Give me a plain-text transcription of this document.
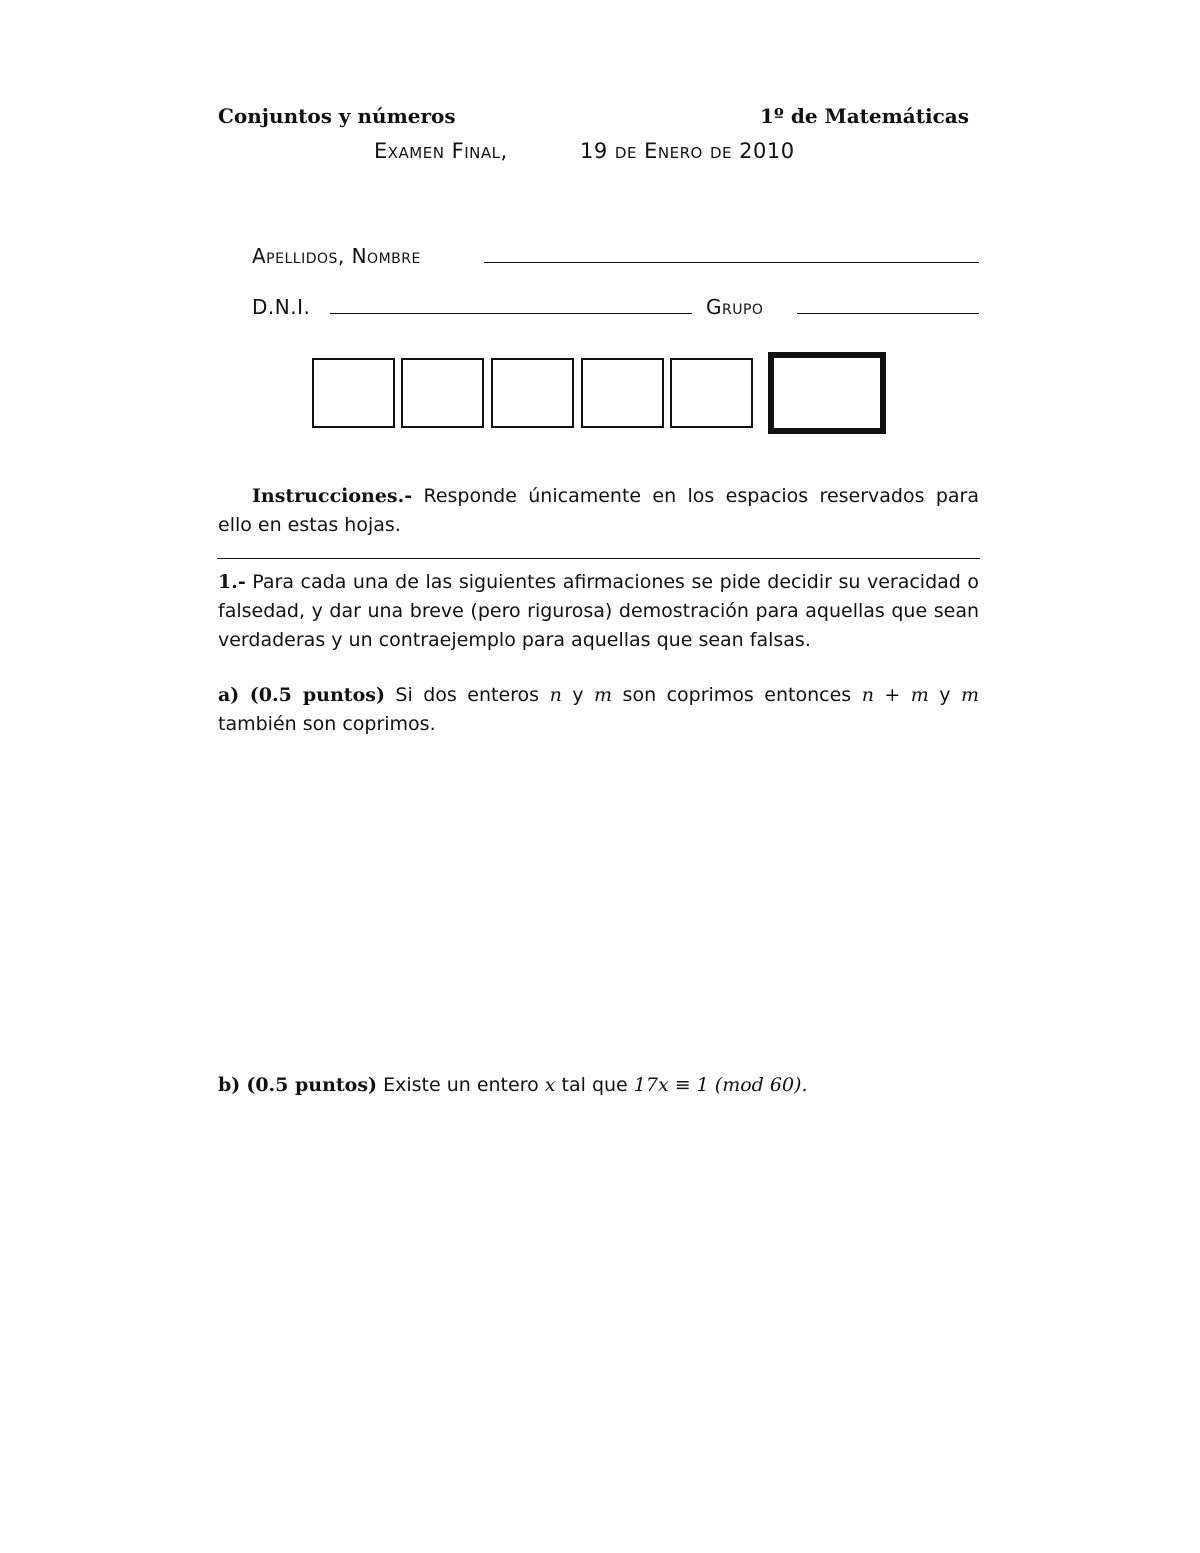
Conjuntos y números	1º de Matemáticas
Examen Final,	19 de Enero de 2010
Apellidos, Nombre
D.N.I.	Grupo
Instrucciones.- Responde únicamente en los espacios reservados para ello en estas hojas.
1.- Para cada una de las siguientes afirmaciones se pide decidir su veracidad o falsedad, y dar una breve (pero rigurosa) demostración para aquellas que sean verdaderas y un contraejemplo para aquellas que sean falsas.
a) (0.5 puntos) Si dos enteros n y m son coprimos entonces n + m y m también son coprimos.
b) (0.5 puntos) Existe un entero x tal que 17x ≡ 1 (mod 60).
